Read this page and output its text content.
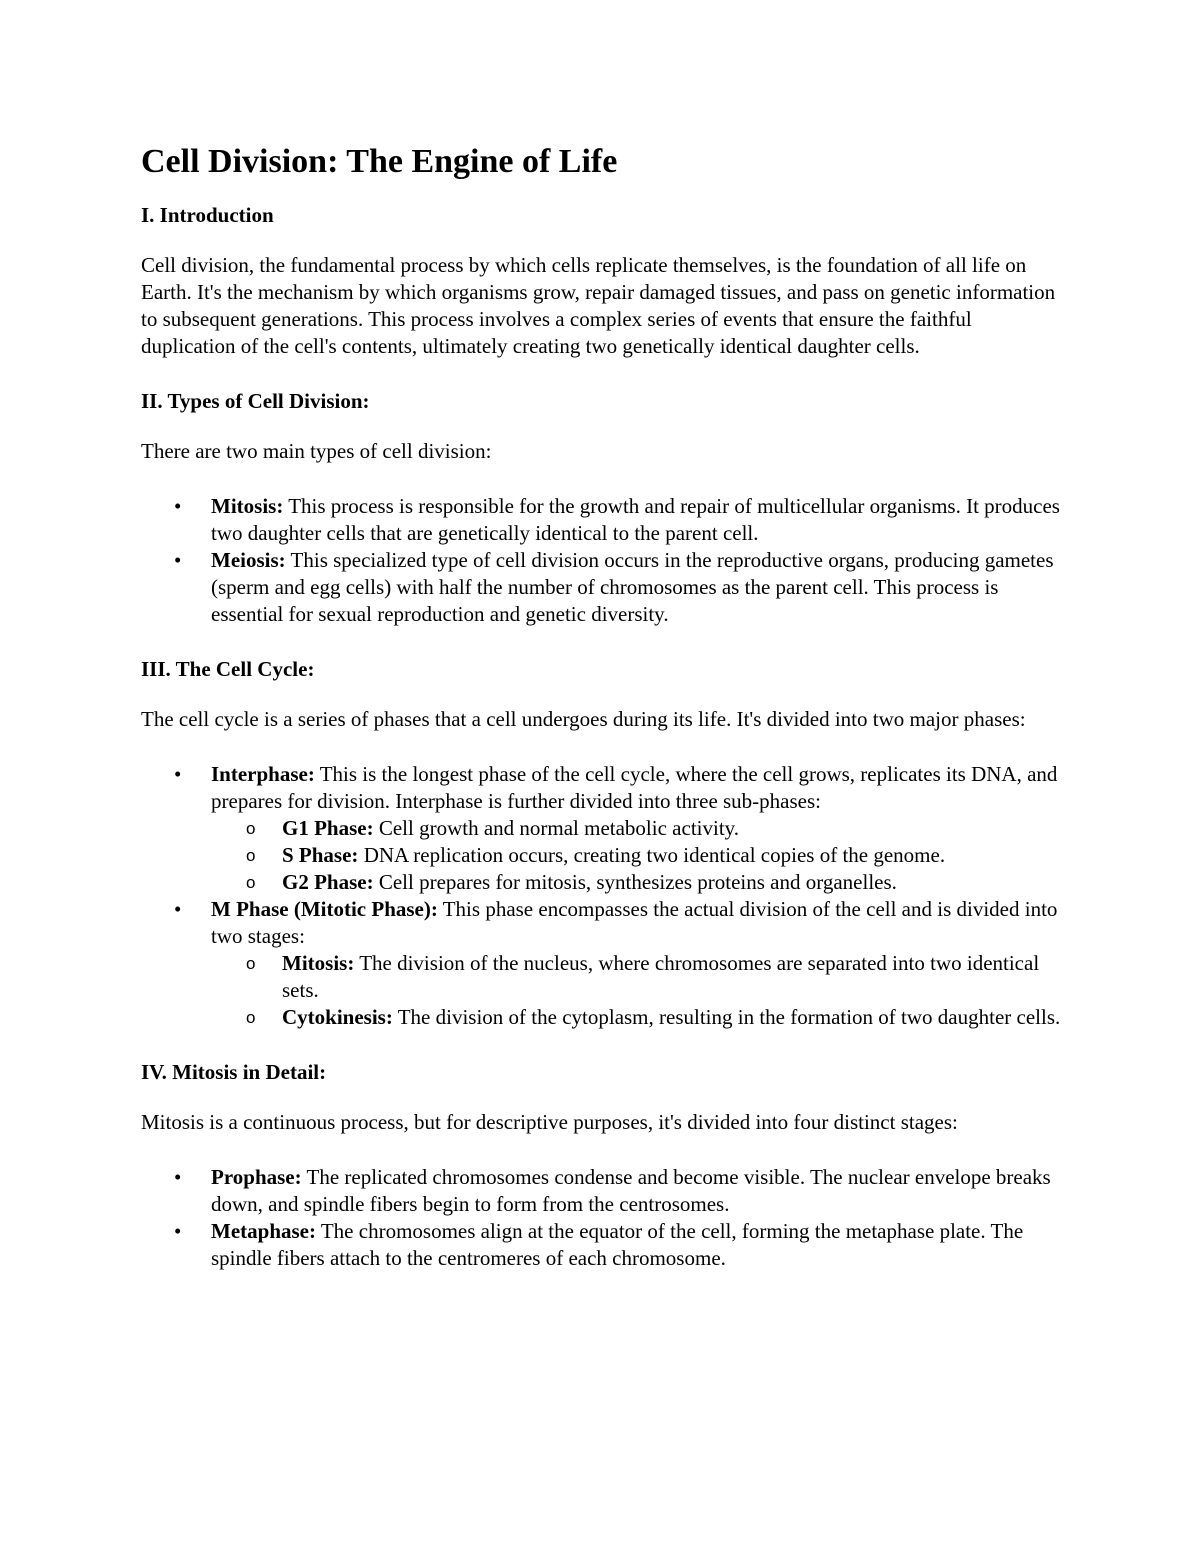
Cell Division: The Engine of Life
I. Introduction

Cell division, the fundamental process by which cells replicate themselves, is the foundation of all life on Earth. It's the mechanism by which organisms grow, repair damaged tissues, and pass on genetic information to subsequent generations. This process involves a complex series of events that ensure the faithful duplication of the cell's contents, ultimately creating two genetically identical daughter cells.

II. Types of Cell Division:

There are two main types of cell division:

• Mitosis: This process is responsible for the growth and repair of multicellular organisms. It produces two daughter cells that are genetically identical to the parent cell.
• Meiosis: This specialized type of cell division occurs in the reproductive organs, producing gametes (sperm and egg cells) with half the number of chromosomes as the parent cell. This process is essential for sexual reproduction and genetic diversity.
III. The Cell Cycle:

The cell cycle is a series of phases that a cell undergoes during its life. It's divided into two major phases:

• Interphase: This is the longest phase of the cell cycle, where the cell grows, replicates its DNA, and prepares for division. Interphase is further divided into three sub-phases:
o G1 Phase: Cell growth and normal metabolic activity.
o S Phase: DNA replication occurs, creating two identical copies of the genome.
o G2 Phase: Cell prepares for mitosis, synthesizes proteins and organelles.
• M Phase (Mitotic Phase): This phase encompasses the actual division of the cell and is divided into two stages:
o Mitosis: The division of the nucleus, where chromosomes are separated into two identical sets.
o Cytokinesis: The division of the cytoplasm, resulting in the formation of two daughter cells.
IV. Mitosis in Detail:

Mitosis is a continuous process, but for descriptive purposes, it's divided into four distinct stages:

• Prophase: The replicated chromosomes condense and become visible. The nuclear envelope breaks down, and spindle fibers begin to form from the centrosomes.
• Metaphase: The chromosomes align at the equator of the cell, forming the metaphase plate. The spindle fibers attach to the centromeres of each chromosome.
